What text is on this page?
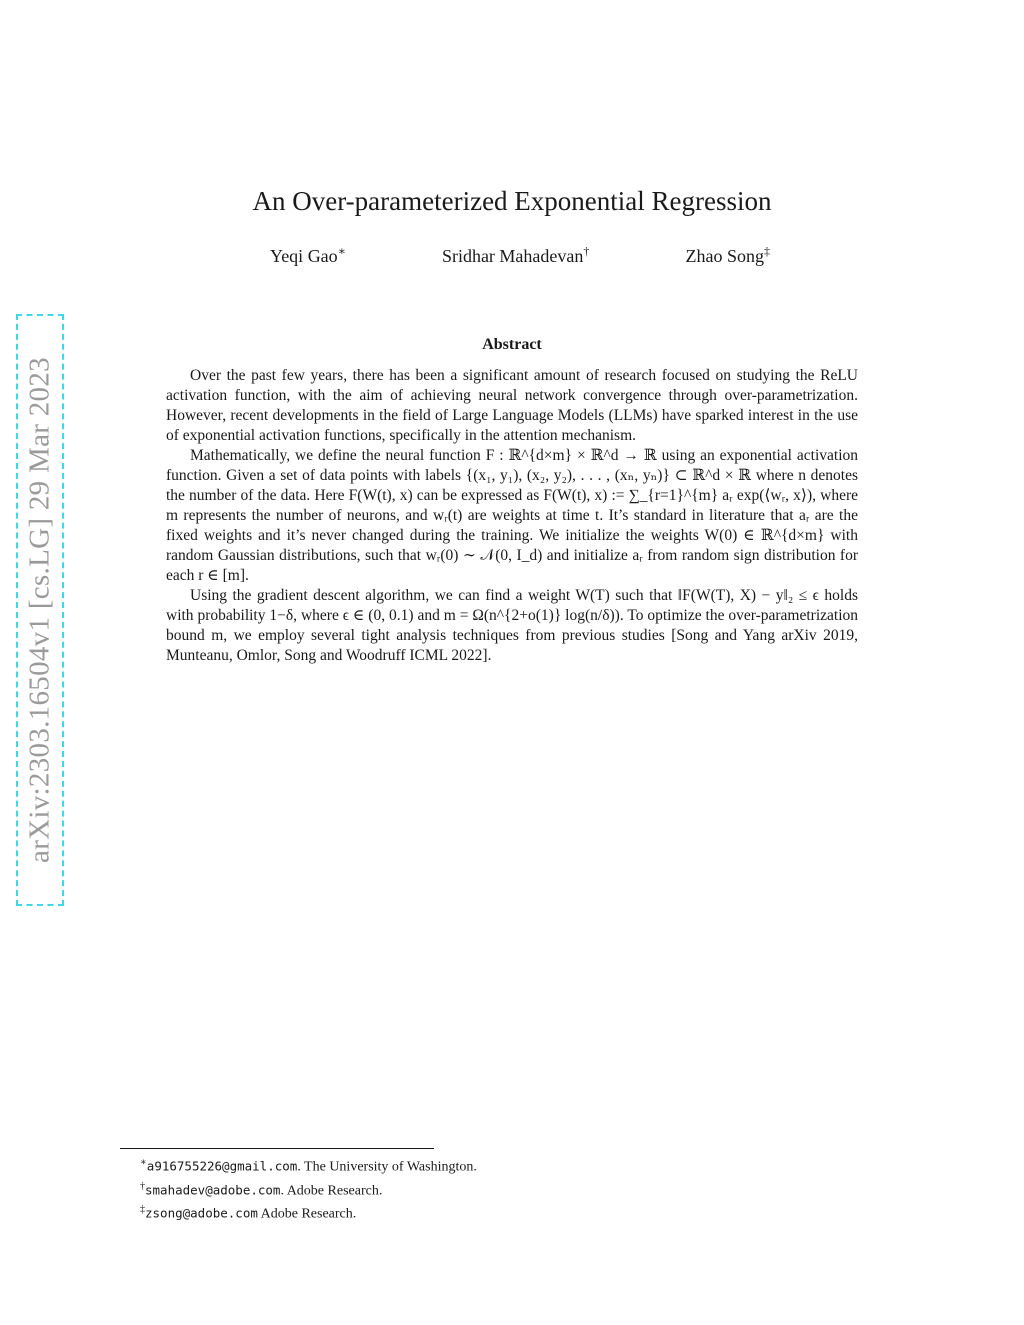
arXiv:2303.16504v1 [cs.LG] 29 Mar 2023
An Over-parameterized Exponential Regression
Yeqi Gao∗	Sridhar Mahadevan†	Zhao Song‡
Abstract

Over the past few years, there has been a significant amount of research focused on studying the ReLU activation function, with the aim of achieving neural network convergence through over-parametrization. However, recent developments in the field of Large Language Models (LLMs) have sparked interest in the use of exponential activation functions, specifically in the attention mechanism.

Mathematically, we define the neural function F : ℝ^{d×m} × ℝ^d → ℝ using an exponential activation function. Given a set of data points with labels {(x₁, y₁), (x₂, y₂), . . . , (xₙ, yₙ)} ⊂ ℝ^d × ℝ where n denotes the number of the data. Here F(W(t), x) can be expressed as F(W(t), x) := ∑_{r=1}^{m} aᵣ exp(⟨wᵣ, x⟩), where m represents the number of neurons, and wᵣ(t) are weights at time t. It’s standard in literature that aᵣ are the fixed weights and it’s never changed during the training. We initialize the weights W(0) ∈ ℝ^{d×m} with random Gaussian distributions, such that wᵣ(0) ∼ 𝒩(0, I_d) and initialize aᵣ from random sign distribution for each r ∈ [m].

Using the gradient descent algorithm, we can find a weight W(T) such that ‖F(W(T), X) − y‖₂ ≤ ϵ holds with probability 1−δ, where ϵ ∈ (0, 0.1) and m = Ω(n^{2+o(1)} log(n/δ)). To optimize the over-parametrization bound m, we employ several tight analysis techniques from previous studies [Song and Yang arXiv 2019, Munteanu, Omlor, Song and Woodruff ICML 2022].

∗a916755226@gmail.com. The University of Washington.
†smahadev@adobe.com. Adobe Research.
‡zsong@adobe.com Adobe Research.
